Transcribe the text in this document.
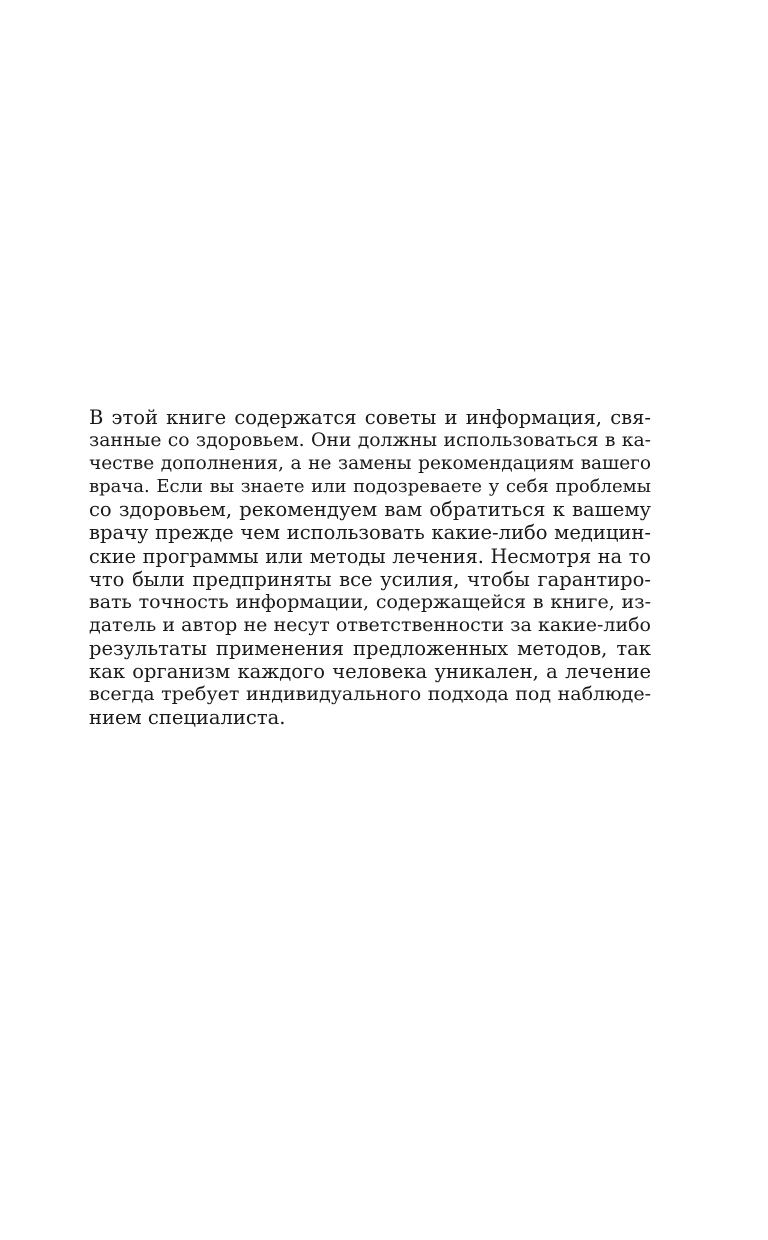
В этой книге содержатся советы и информация, свя-
занные со здоровьем. Они должны использоваться в ка-
честве дополнения, а не замены рекомендациям вашего
врача. Если вы знаете или подозреваете у себя проблемы
со здоровьем, рекомендуем вам обратиться к вашему
врачу прежде чем использовать какие-либо медицин-
ские программы или методы лечения. Несмотря на то
что были предприняты все усилия, чтобы гарантиро-
вать точность информации, содержащейся в книге, из-
датель и автор не несут ответственности за какие-либо
результаты применения предложенных методов, так
как организм каждого человека уникален, а лечение
всегда требует индивидуального подхода под наблюде-
нием специалиста.
